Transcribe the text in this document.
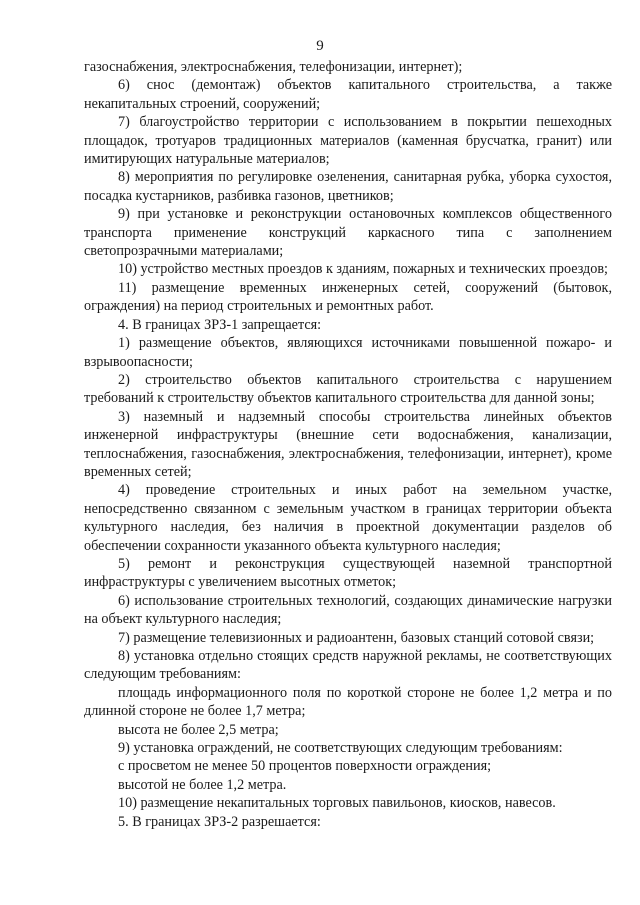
9

газоснабжения, электроснабжения, телефонизации, интернет);

6) снос (демонтаж) объектов капитального строительства, а также некапитальных строений, сооружений;

7) благоустройство территории с использованием в покрытии пешеходных площадок, тротуаров традиционных материалов (каменная брусчатка, гранит) или имитирующих натуральные материалов;

8) мероприятия по регулировке озеленения, санитарная рубка, уборка сухостоя, посадка кустарников, разбивка газонов, цветников;

9) при установке и реконструкции остановочных комплексов общественного транспорта применение конструкций каркасного типа с заполнением светопрозрачными материалами;

10) устройство местных проездов к зданиям, пожарных и технических проездов;

11) размещение временных инженерных сетей, сооружений (бытовок, ограждения) на период строительных и ремонтных работ.

4. В границах ЗРЗ-1 запрещается:

1) размещение объектов, являющихся источниками повышенной пожаро- и взрывоопасности;

2) строительство объектов капитального строительства с нарушением требований к строительству объектов капитального строительства для данной зоны;

3) наземный и надземный способы строительства линейных объектов инженерной инфраструктуры (внешние сети водоснабжения, канализации, теплоснабжения, газоснабжения, электроснабжения, телефонизации, интернет), кроме временных сетей;

4) проведение строительных и иных работ на земельном участке, непосредственно связанном с земельным участком в границах территории объекта культурного наследия, без наличия в проектной документации разделов об обеспечении сохранности указанного объекта культурного наследия;

5) ремонт и реконструкция существующей наземной транспортной инфраструктуры с увеличением высотных отметок;

6) использование строительных технологий, создающих динамические нагрузки на объект культурного наследия;

7) размещение телевизионных и радиоантенн, базовых станций сотовой связи;

8) установка отдельно стоящих средств наружной рекламы, не соответствующих следующим требованиям:

площадь информационного поля по короткой стороне не более 1,2 метра и по длинной стороне не более 1,7 метра;

высота не более 2,5 метра;

9) установка ограждений, не соответствующих следующим требованиям:

с просветом не менее 50 процентов поверхности ограждения;

высотой не более 1,2 метра.

10) размещение некапитальных торговых павильонов, киосков, навесов.

5. В границах ЗРЗ-2 разрешается:
